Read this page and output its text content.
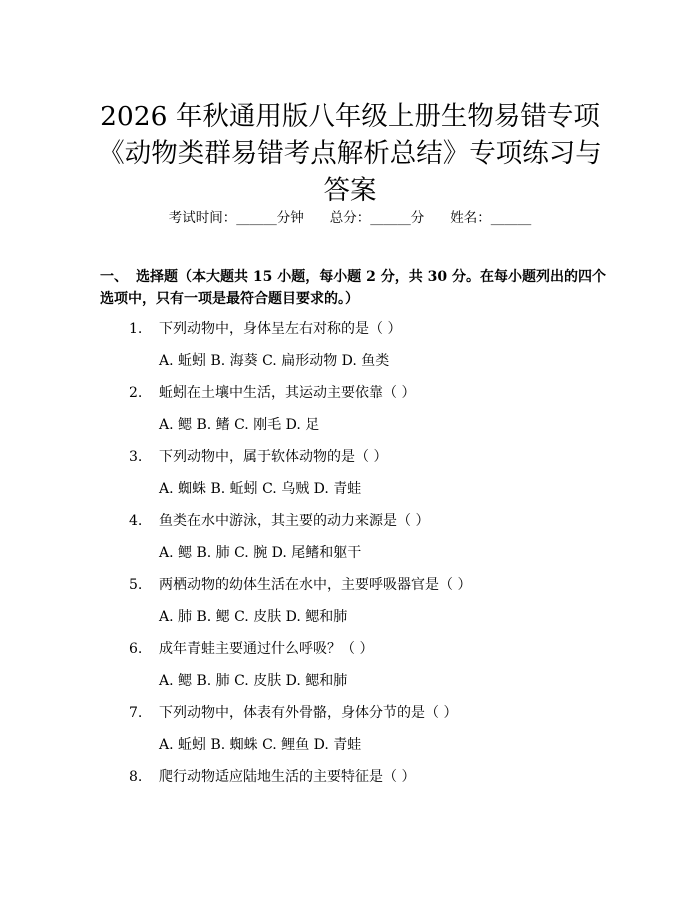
2026 年秋通用版八年级上册生物易错专项
《动物类群易错考点解析总结》专项练习与
答案
考试时间：______分钟 总分：______分 姓名：______
一、 选择题（本大题共 15 小题，每小题 2 分，共 30 分。在每小题列出的四个选项中，只有一项是最符合题目要求的。）
1. 下列动物中，身体呈左右对称的是（ ）
A. 蚯蚓 B. 海葵 C. 扁形动物 D. 鱼类
2. 蚯蚓在土壤中生活，其运动主要依靠（ ）
A. 鳃 B. 鳍 C. 刚毛 D. 足
3. 下列动物中，属于软体动物的是（ ）
A. 蜘蛛 B. 蚯蚓 C. 乌贼 D. 青蛙
4. 鱼类在水中游泳，其主要的动力来源是（ ）
A. 鳃 B. 肺 C. 腕 D. 尾鳍和躯干
5. 两栖动物的幼体生活在水中，主要呼吸器官是（ ）
A. 肺 B. 鳃 C. 皮肤 D. 鳃和肺
6. 成年青蛙主要通过什么呼吸？（ ）
A. 鳃 B. 肺 C. 皮肤 D. 鳃和肺
7. 下列动物中，体表有外骨骼，身体分节的是（ ）
A. 蚯蚓 B. 蜘蛛 C. 鲤鱼 D. 青蛙
8. 爬行动物适应陆地生活的主要特征是（ ）
